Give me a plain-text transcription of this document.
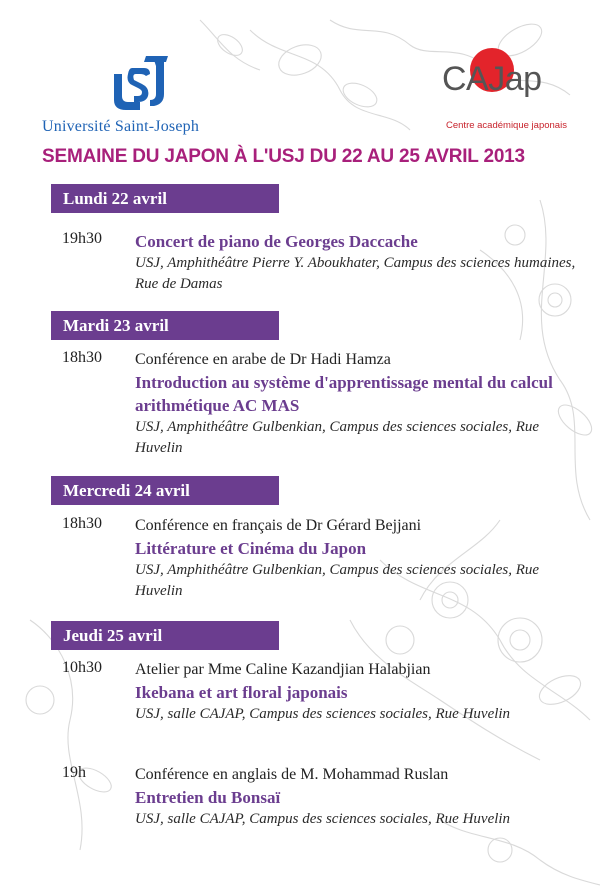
Université Saint-Joseph
CAJap
Centre académique japonais
SEMAINE DU JAPON À L'USJ DU 22 AU 25 AVRIL 2013
Lundi 22 avril
19h30 Concert de piano de Georges Daccache
USJ, Amphithéâtre Pierre Y. Aboukhater, Campus des sciences humaines, Rue de Damas
Mardi 23 avril
18h30 Conférence en arabe de Dr Hadi Hamza
Introduction au système d'apprentissage mental du calcul arithmétique AC MAS
USJ, Amphithéâtre Gulbenkian, Campus des sciences sociales, Rue Huvelin
Mercredi 24 avril
18h30 Conférence en français de Dr Gérard Bejjani
Littérature et Cinéma du Japon
USJ, Amphithéâtre Gulbenkian, Campus des sciences sociales, Rue Huvelin
Jeudi 25 avril
10h30 Atelier par Mme Caline Kazandjian Halabjian
Ikebana et art floral japonais
USJ, salle CAJAP, Campus des sciences sociales, Rue Huvelin
19h	Conférence en anglais de M. Mohammad Ruslan
Entretien du Bonsaï
USJ, salle CAJAP, Campus des sciences sociales, Rue Huvelin
